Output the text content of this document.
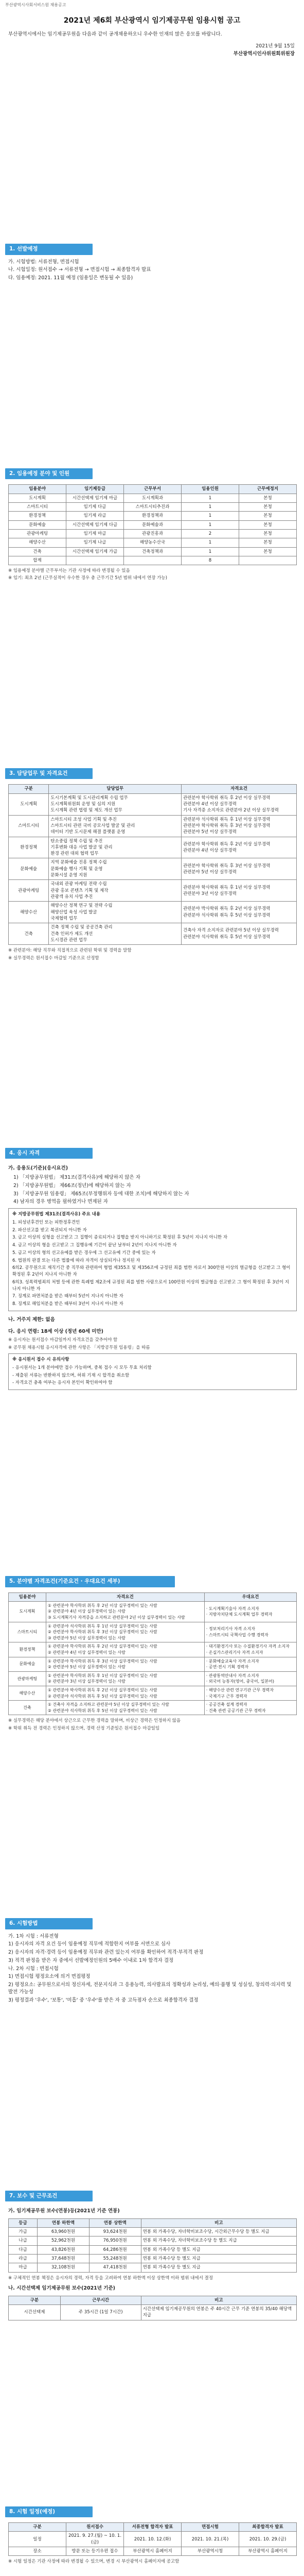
부산광역시사회서비스원 채용공고
2021년 제6회 부산광역시 임기제공무원 임용시험 공고
부산광역시에서는 임기제공무원을 다음과 같이 공개채용하오니 우수한 인재의 많은 응모를 바랍니다.
2021년 9월 15일
부산광역시인사위원회위원장
1. 선발예정
가. 시험방법: 서류전형, 면접시험
나. 시험일정: 원서접수 → 서류전형 → 면접시험 → 최종합격자 발표
다. 임용예정: 2021. 11월 예정 (임용일은 변동될 수 있음)
2. 임용예정 분야 및 인원
임용분야	임기제등급	근무부서	임용인원	근무예정지
도시계획	시간선택제 임기제 마급	도시계획과	1	본청
스마트시티	임기제 다급	스마트시티추진과	1	본청
환경정책	임기제 라급	환경정책과	1	본청
문화예술	시간선택제 임기제 다급	문화예술과	1	본청
관광마케팅	임기제 마급	관광진흥과	2	본청
해양수산	임기제 나급	해양농수산국	1	본청
건축	시간선택제 임기제 가급	건축정책과	1	본청
합계			8	
※ 임용예정 분야별 근무부서는 기관 사정에 따라 변경될 수 있음
※ 임기: 최초 2년 (근무실적이 우수한 경우 총 근무기간 5년 범위 내에서 연장 가능)
3. 담당업무 및 자격요건
구분	담당업무	자격요건
도시계획	도시기본계획 및 도시관리계획 수립 업무
도시계획위원회 운영 및 심의 지원
도시계획 관련 법령 및 제도 개선 업무	관련분야 학사학위 취득 후 2년 이상 실무경력
관련분야 4년 이상 실무경력
기사 자격증 소지자로 관련분야 2년 이상 실무경력
스마트시티	스마트시티 조성 사업 기획 및 추진
스마트시티 관련 국비 공모사업 발굴 및 관리
데이터 기반 도시문제 해결 플랫폼 운영	관련분야 석사학위 취득 후 1년 이상 실무경력
관련분야 학사학위 취득 후 3년 이상 실무경력
관련분야 5년 이상 실무경력
환경정책	탄소중립 정책 수립 및 추진
기후변화 대응 사업 발굴 및 관리
환경 관련 대외 협력 업무	관련분야 학사학위 취득 후 2년 이상 실무경력
관련분야 4년 이상 실무경력
문화예술	지역 문화예술 진흥 정책 수립
문화예술 행사 기획 및 운영
문화시설 운영 지원	관련분야 학사학위 취득 후 3년 이상 실무경력
관련분야 5년 이상 실무경력
관광마케팅	국내외 관광 마케팅 전략 수립
관광 홍보 콘텐츠 기획 및 제작
관광객 유치 사업 추진	관련분야 학사학위 취득 후 1년 이상 실무경력
관련분야 3년 이상 실무경력
해양수산	해양수산 정책 연구 및 전략 수립
해양산업 육성 사업 발굴
국제협력 업무	관련분야 박사학위 취득 후 2년 이상 실무경력
관련분야 석사학위 취득 후 5년 이상 실무경력
건축	건축 정책 수립 및 공공건축 관리
건축 인허가 제도 개선
도시경관 관련 업무	건축사 자격 소지자로 관련분야 5년 이상 실무경력
관련분야 석사학위 취득 후 5년 이상 실무경력
※ 관련분야: 해당 직무와 직접적으로 관련된 학위 및 경력을 말함
※ 실무경력은 원서접수 마감일 기준으로 산정함
4. 응시 자격
가. 응용도(기준)(응시요건)
1) 「지방공무원법」 제31조(결격사유)에 해당하지 않은 자
2) 「지방공무원법」 제66조(정년)에 해당하지 않는 자
3) 「지방공무원 임용령」 제65조(부정행위자 등에 대한 조치)에 해당하지 않는 자
4) 남자의 경우 병역을 필하였거나 면제된 자
※ 지방공무원법 제31조(결격사유) 주요 내용
1. 피성년후견인 또는 피한정후견인
2. 파산선고를 받고 복권되지 아니한 자
3. 금고 이상의 실형을 선고받고 그 집행이 종료되거나 집행을 받지 아니하기로 확정된 후 5년이 지나지 아니한 자
4. 금고 이상의 형을 선고받고 그 집행유예 기간이 끝난 날부터 2년이 지나지 아니한 자
5. 금고 이상의 형의 선고유예를 받은 경우에 그 선고유예 기간 중에 있는 자
6. 법원의 판결 또는 다른 법률에 따라 자격이 상실되거나 정지된 자
6의2. 공무원으로 재직기간 중 직무와 관련하여 형법 제355조 및 제356조에 규정된 죄를 범한 자로서 300만원 이상의 벌금형을 선고받고 그 형이 확정된 후 2년이 지나지 아니한 자
6의3. 성폭력범죄의 처벌 등에 관한 특례법 제2조에 규정된 죄를 범한 사람으로서 100만원 이상의 벌금형을 선고받고 그 형이 확정된 후 3년이 지나지 아니한 자
7. 징계로 파면처분을 받은 때부터 5년이 지나지 아니한 자
8. 징계로 해임처분을 받은 때부터 3년이 지나지 아니한 자
나. 거주지 제한: 없음
다. 응시 연령: 18세 이상 (정년 60세 미만)
※ 응시자는 원서접수 마감일까지 자격요건을 갖추어야 함
※ 공무원 채용시험 응시자격에 관한 사항은 「지방공무원 임용령」을 따름
※ 응시원서 접수 시 유의사항
- 응시원서는 1개 분야에만 접수 가능하며, 중복 접수 시 모두 무효 처리함
- 제출된 서류는 반환하지 않으며, 허위 기재 시 합격을 취소함
- 자격요건 충족 여부는 응시자 본인이 확인하여야 함
5. 분야별 자격조건(기준요건 · 우대요건 세부)
임용분야	자격요건	우대요건
도시계획	① 관련분야 학사학위 취득 후 2년 이상 실무경력이 있는 사람
② 관련분야 4년 이상 실무경력이 있는 사람
③ 도시계획기사 자격증을 소지하고 관련분야 2년 이상 실무경력이 있는 사람	· 도시계획기술사 자격 소지자
· 지방자치단체 도시계획 업무 경력자
스마트시티	① 관련분야 석사학위 취득 후 1년 이상 실무경력이 있는 사람
② 관련분야 학사학위 취득 후 3년 이상 실무경력이 있는 사람
③ 관련분야 5년 이상 실무경력이 있는 사람	· 정보처리기사 자격 소지자
· 스마트시티 국책사업 수행 경력자
환경정책	① 관련분야 학사학위 취득 후 2년 이상 실무경력이 있는 사람
② 관련분야 4년 이상 실무경력이 있는 사람	· 대기환경기사 또는 수질환경기사 자격 소지자
· 온실가스관리기사 자격 소지자
문화예술	① 관련분야 학사학위 취득 후 3년 이상 실무경력이 있는 사람
② 관련분야 5년 이상 실무경력이 있는 사람	· 문화예술교육사 자격 소지자
· 공연·전시 기획 경력자
관광마케팅	① 관련분야 학사학위 취득 후 1년 이상 실무경력이 있는 사람
② 관련분야 3년 이상 실무경력이 있는 사람	· 관광통역안내사 자격 소지자
· 외국어 능통자(영어, 중국어, 일본어)
해양수산	① 관련분야 박사학위 취득 후 2년 이상 실무경력이 있는 사람
② 관련분야 석사학위 취득 후 5년 이상 실무경력이 있는 사람	· 해양수산 관련 연구기관 근무 경력자
· 국제기구 근무 경력자
건축	① 건축사 자격을 소지하고 관련분야 5년 이상 실무경력이 있는 사람
② 관련분야 석사학위 취득 후 5년 이상 실무경력이 있는 사람	· 공공건축 설계 경력자
· 건축 관련 공공기관 근무 경력자
※ 실무경력은 해당 분야에서 상근으로 근무한 경력을 말하며, 비상근 경력은 인정하지 않음
※ 학위 취득 전 경력은 인정하지 않으며, 경력 산정 기준일은 원서접수 마감일임
6. 시험방법
가. 1차 시험 : 서류전형
1) 응시자의 자격 요건 등이 임용예정 직무에 적합한지 여부를 서면으로 심사
2) 응시자의 자격·경력 등이 임용예정 직무와 관련 있는지 여부를 확인하여 적격·부적격 판정
3) 적격 판정을 받은 자 중에서 선발예정인원의 5배수 이내로 1차 합격자 결정
나. 2차 시험 : 면접시험
1) 면접시험 평정요소에 의거 면접평정
2) 평정요소: 공무원으로서의 정신자세, 전문지식과 그 응용능력, 의사발표의 정확성과 논리성, 예의·품행 및 성실성, 창의력·의지력 및 발전 가능성
3) 평정결과 '우수', '보통', '미흡' 중 '우수'를 받은 자 중 고득점자 순으로 최종합격자 결정
7. 보수 및 근무조건
가. 임기제공무원 보수(연봉)등(2021년 기준 연봉)
등급	연봉 하한액	연봉 상한액	비고
가급	63,960천원	93,624천원	연봉 외 가족수당, 자녀학비보조수당, 시간외근무수당 등 별도 지급
나급	52,962천원	76,950천원	연봉 외 가족수당, 자녀학비보조수당 등 별도 지급
다급	43,826천원	64,286천원	연봉 외 가족수당 등 별도 지급
라급	37,648천원	55,248천원	연봉 외 가족수당 등 별도 지급
마급	32,108천원	47,418천원	연봉 외 가족수당 등 별도 지급
※ 구체적인 연봉 책정은 응시자의 경력, 자격 등을 고려하여 연봉 하한액 이상 상한액 이하 범위 내에서 결정
나. 시간선택제 임기제공무원 보수(2021년 기준)
구분	근무시간	비고
시간선택제	주 35시간 (1일 7시간)	시간선택제 임기제공무원의 연봉은 주 40시간 근무 기준 연봉의 35/40 해당액 지급
8. 시험 일정(예정)
구분	원서접수	서류전형 합격자 발표	면접시험	최종합격자 발표
일정	2021. 9. 27.(월) ~ 10. 1.(금)	2021. 10. 12.(화)	2021. 10. 21.(목)	2021. 10. 29.(금)
장소	방문 또는 등기우편 접수	부산광역시 홈페이지	부산광역시청	부산광역시 홈페이지
※ 시험 일정은 기관 사정에 따라 변경될 수 있으며, 변경 시 부산광역시 홈페이지에 공고함
